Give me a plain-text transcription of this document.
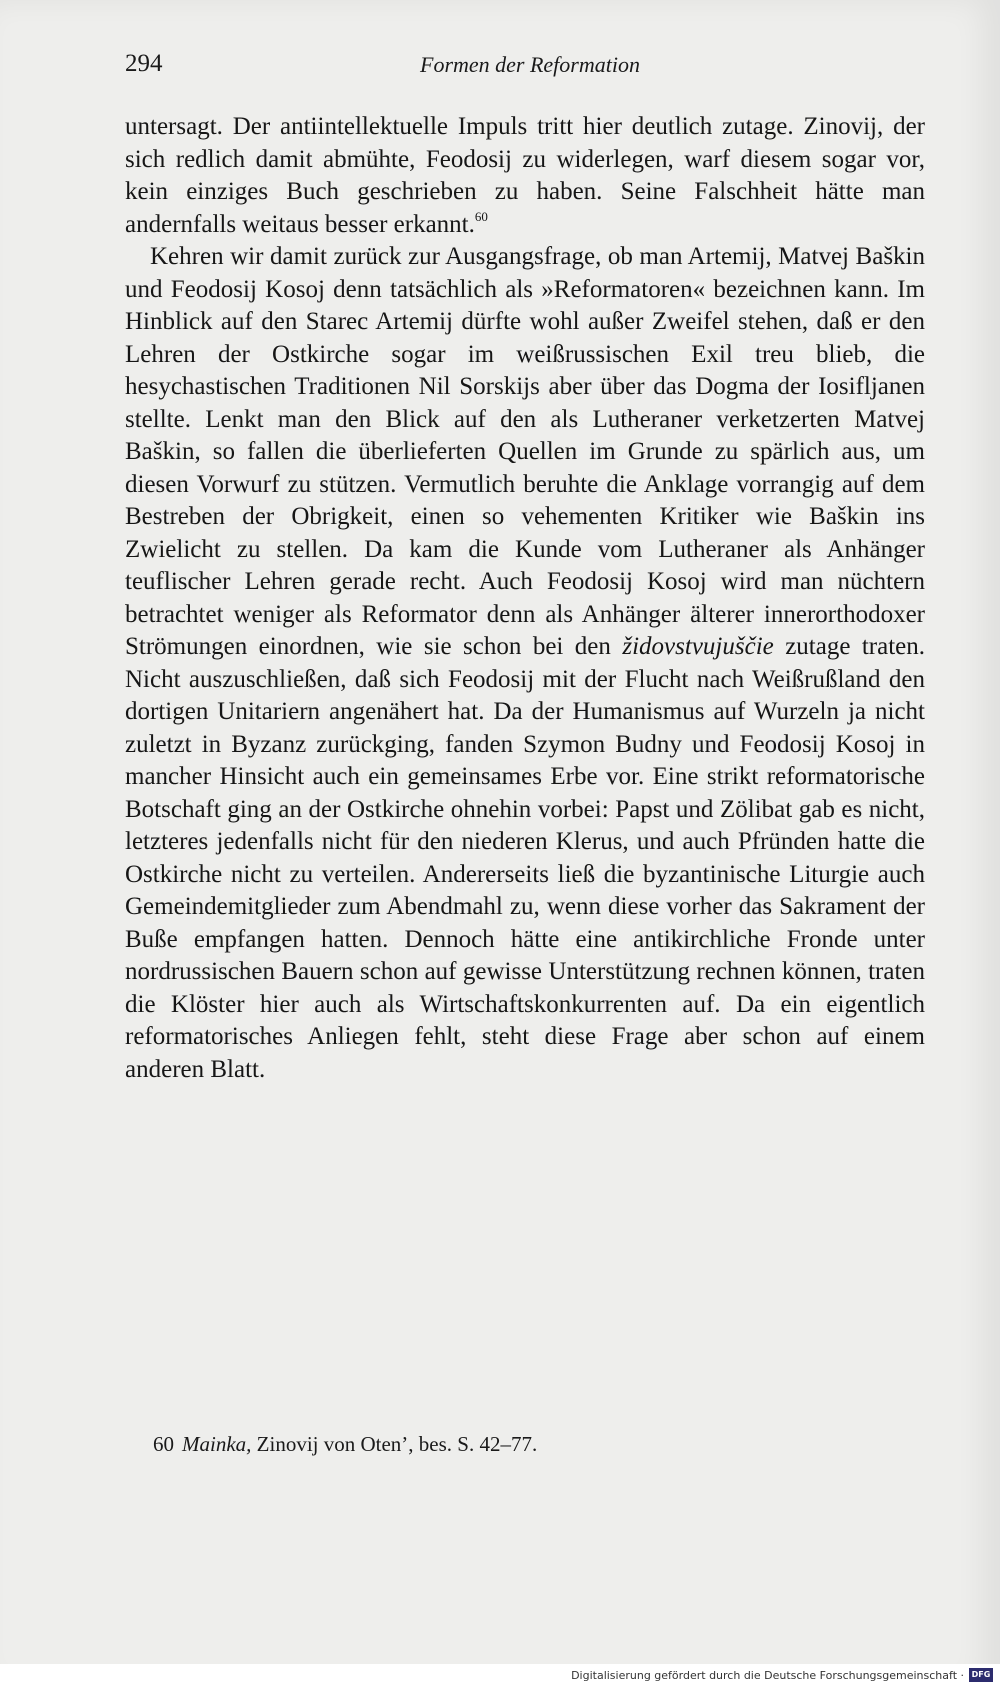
294	Formen der Reformation

untersagt. Der antiintellektuelle Impuls tritt hier deutlich zutage. Zinovij, der sich redlich damit abmühte, Feodosij zu widerlegen, warf diesem sogar vor, kein einziges Buch geschrieben zu haben. Seine Falschheit hätte man andernfalls weitaus besser erkannt.$^{60}$

Kehren wir damit zurück zur Ausgangsfrage, ob man Artemij, Matvej Baškin und Feodosij Kosoj denn tatsächlich als »Reformatoren« bezeichnen kann. Im Hinblick auf den Starec Artemij dürfte wohl außer Zweifel stehen, daß er den Lehren der Ostkirche sogar im weißrussischen Exil treu blieb, die hesychastischen Traditionen Nil Sorskijs aber über das Dogma der Iosifljanen stellte. Lenkt man den Blick auf den als Lutheraner verketzerten Matvej Baškin, so fallen die überlieferten Quellen im Grunde zu spärlich aus, um diesen Vorwurf zu stützen. Vermutlich beruhte die Anklage vorrangig auf dem Bestreben der Obrigkeit, einen so vehementen Kritiker wie Baškin ins Zwielicht zu stellen. Da kam die Kunde vom Lutheraner als Anhänger teuflischer Lehren gerade recht. Auch Feodosij Kosoj wird man nüchtern betrachtet weniger als Reformator denn als Anhänger älterer innerorthodoxer Strömungen einordnen, wie sie schon bei den židovstvujuščie zutage traten. Nicht auszuschließen, daß sich Feodosij mit der Flucht nach Weißrußland den dortigen Unitariern angenähert hat. Da der Humanismus auf Wurzeln ja nicht zuletzt in Byzanz zurückging, fanden Szymon Budny und Feodosij Kosoj in mancher Hinsicht auch ein gemeinsames Erbe vor. Eine strikt reformatorische Botschaft ging an der Ostkirche ohnehin vorbei: Papst und Zölibat gab es nicht, letzteres jedenfalls nicht für den niederen Klerus, und auch Pfründen hatte die Ostkirche nicht zu verteilen. Andererseits ließ die byzantinische Liturgie auch Gemeindemitglieder zum Abendmahl zu, wenn diese vorher das Sakrament der Buße empfangen hatten. Dennoch hätte eine antikirchliche Fronde unter nordrussischen Bauern schon auf gewisse Unterstützung rechnen können, traten die Klöster hier auch als Wirtschaftskonkurrenten auf. Da ein eigentlich reformatorisches Anliegen fehlt, steht diese Frage aber schon auf einem anderen Blatt.

60 Mainka, Zinovij von Oten’, bes. S. 42–77.
Digitalisierung gefördert durch die Deutsche Forschungsgemeinschaft · DFG
